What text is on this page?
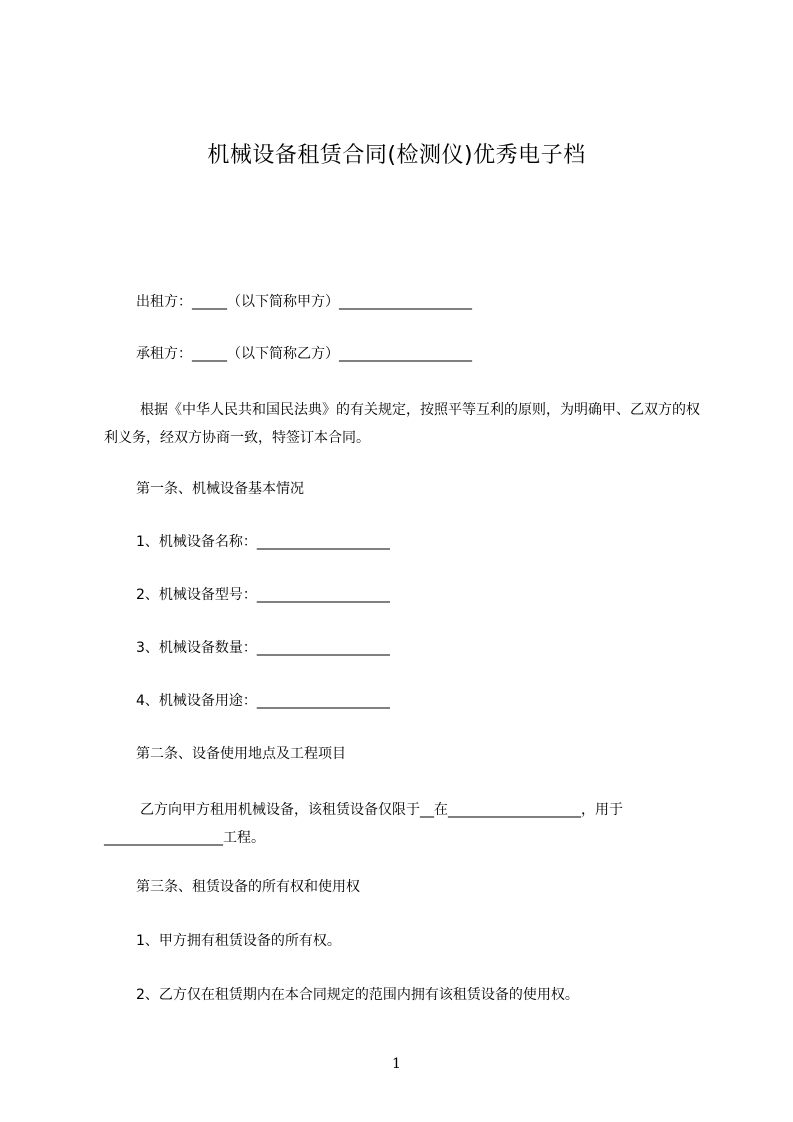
机械设备租赁合同(检测仪)优秀电子档
出租方：_____（以下简称甲方）___________________
承租方：_____（以下简称乙方）___________________
根据《中华人民共和国民法典》的有关规定，按照平等互利的原则，为明确甲、乙双方的权利义务，经双方协商一致，特签订本合同。
第一条、机械设备基本情况
1、机械设备名称：___________________
2、机械设备型号：___________________
3、机械设备数量：___________________
4、机械设备用途：___________________
第二条、设备使用地点及工程项目
乙方向甲方租用机械设备，该租赁设备仅限于__在___________________，用于_________________工程。
第三条、租赁设备的所有权和使用权
1、甲方拥有租赁设备的所有权。
2、乙方仅在租赁期内在本合同规定的范围内拥有该租赁设备的使用权。
1
